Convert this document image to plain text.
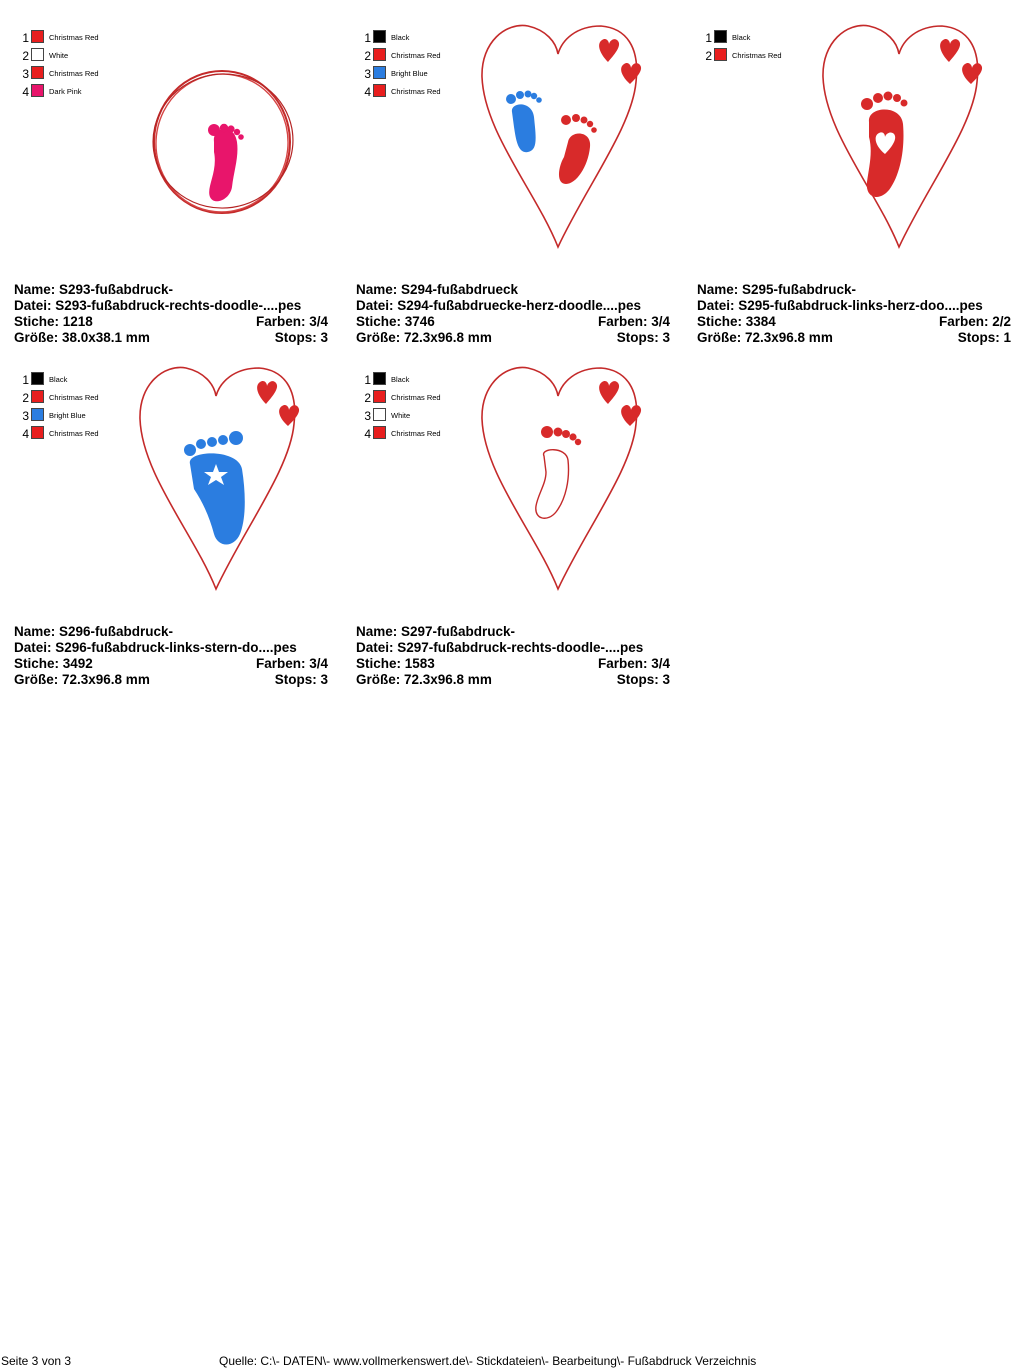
1	Christmas Red
2	White
3	Christmas Red
4	Dark Pink
Name: S293-fußabdruck-
Datei: S293-fußabdruck-rechts-doodle-....pes
Stiche: 1218	Farben: 3/4
Größe: 38.0x38.1 mm	Stops: 3
1	Black
2	Christmas Red
3	Bright Blue
4	Christmas Red
Name: S294-fußabdrueck
Datei: S294-fußabdruecke-herz-doodle....pes
Stiche: 3746	Farben: 3/4
Größe: 72.3x96.8 mm	Stops: 3
1	Black
2	Christmas Red
Name: S295-fußabdruck-
Datei: S295-fußabdruck-links-herz-doo....pes
Stiche: 3384	Farben: 2/2
Größe: 72.3x96.8 mm	Stops: 1
1	Black
2	Christmas Red
3	Bright Blue
4	Christmas Red
Name: S296-fußabdruck-
Datei: S296-fußabdruck-links-stern-do....pes
Stiche: 3492	Farben: 3/4
Größe: 72.3x96.8 mm	Stops: 3
1	Black
2	Christmas Red
3	White
4	Christmas Red
Name: S297-fußabdruck-
Datei: S297-fußabdruck-rechts-doodle-....pes
Stiche: 1583	Farben: 3/4
Größe: 72.3x96.8 mm	Stops: 3
Seite 3 von 3	Quelle: C:\- DATEN\- www.vollmerkenswert.de\- Stickdateien\- Bearbeitung\- Fußabdruck Verzeichnis
